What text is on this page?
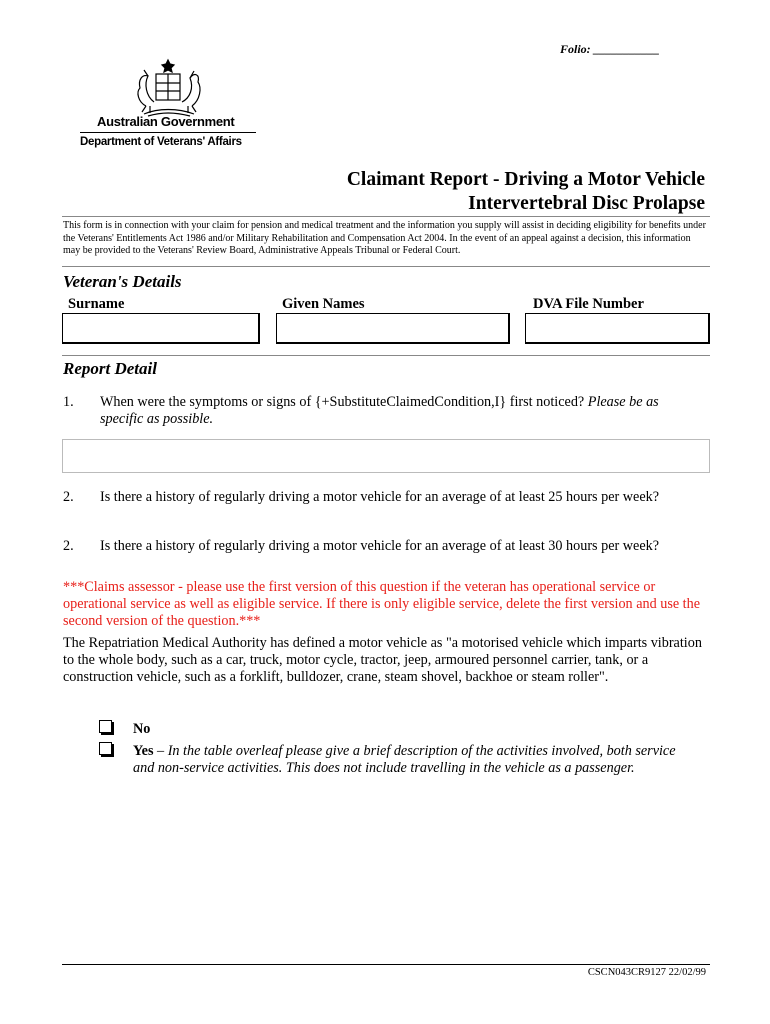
Folio: ___________
Australian Government
Department of Veterans' Affairs
Claimant Report - Driving a Motor Vehicle
Intervertebral Disc Prolapse
This form is in connection with your claim for pension and medical treatment and the information you supply will assist in deciding eligibility for benefits under the Veterans' Entitlements Act 1986 and/or Military Rehabilitation and Compensation Act 2004. In the event of an appeal against a decision, this information may be provided to the Veterans' Review Board, Administrative Appeals Tribunal or Federal Court.
Veteran's Details
Surname	Given Names	DVA File Number
Report Detail
1. When were the symptoms or signs of {+SubstituteClaimedCondition,I} first noticed? Please be as specific as possible.
2. Is there a history of regularly driving a motor vehicle for an average of at least 25 hours per week?
2. Is there a history of regularly driving a motor vehicle for an average of at least 30 hours per week?
***Claims assessor - please use the first version of this question if the veteran has operational service or operational service as well as eligible service. If there is only eligible service, delete the first version and use the second version of the question.***
The Repatriation Medical Authority has defined a motor vehicle as "a motorised vehicle which imparts vibration to the whole body, such as a car, truck, motor cycle, tractor, jeep, armoured personnel carrier, tank, or a construction vehicle, such as a forklift, bulldozer, crane, steam shovel, backhoe or steam roller".
No
Yes – In the table overleaf please give a brief description of the activities involved, both service and non-service activities. This does not include travelling in the vehicle as a passenger.
CSCN043CR9127 22/02/99
